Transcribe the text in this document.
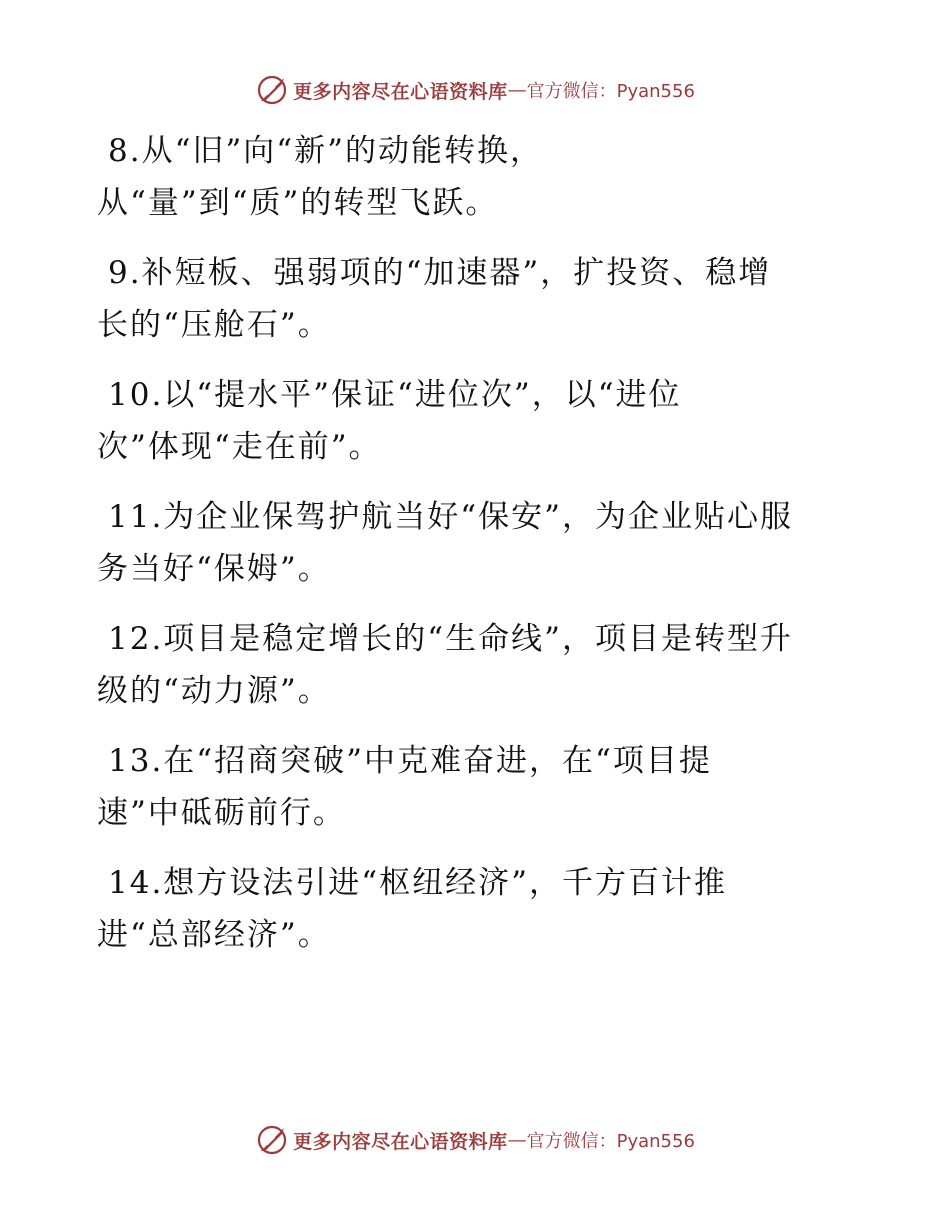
更多内容尽在心语资料库 — 官方微信：Pyan556
8.从“旧”向“新”的动能转换，
从“量”到“质”的转型飞跃。
9.补短板、强弱项的“加速器”，扩投资、稳增
长的“压舱石”。
10.以“提水平”保证“进位次”，以“进位
次”体现“走在前”。
11.为企业保驾护航当好“保安”，为企业贴心服
务当好“保姆”。
12.项目是稳定增长的“生命线”，项目是转型升
级的“动力源”。
13.在“招商突破”中克难奋进，在“项目提
速”中砥砺前行。
14.想方设法引进“枢纽经济”，千方百计推
进“总部经济”。
更多内容尽在心语资料库 — 官方微信：Pyan556
